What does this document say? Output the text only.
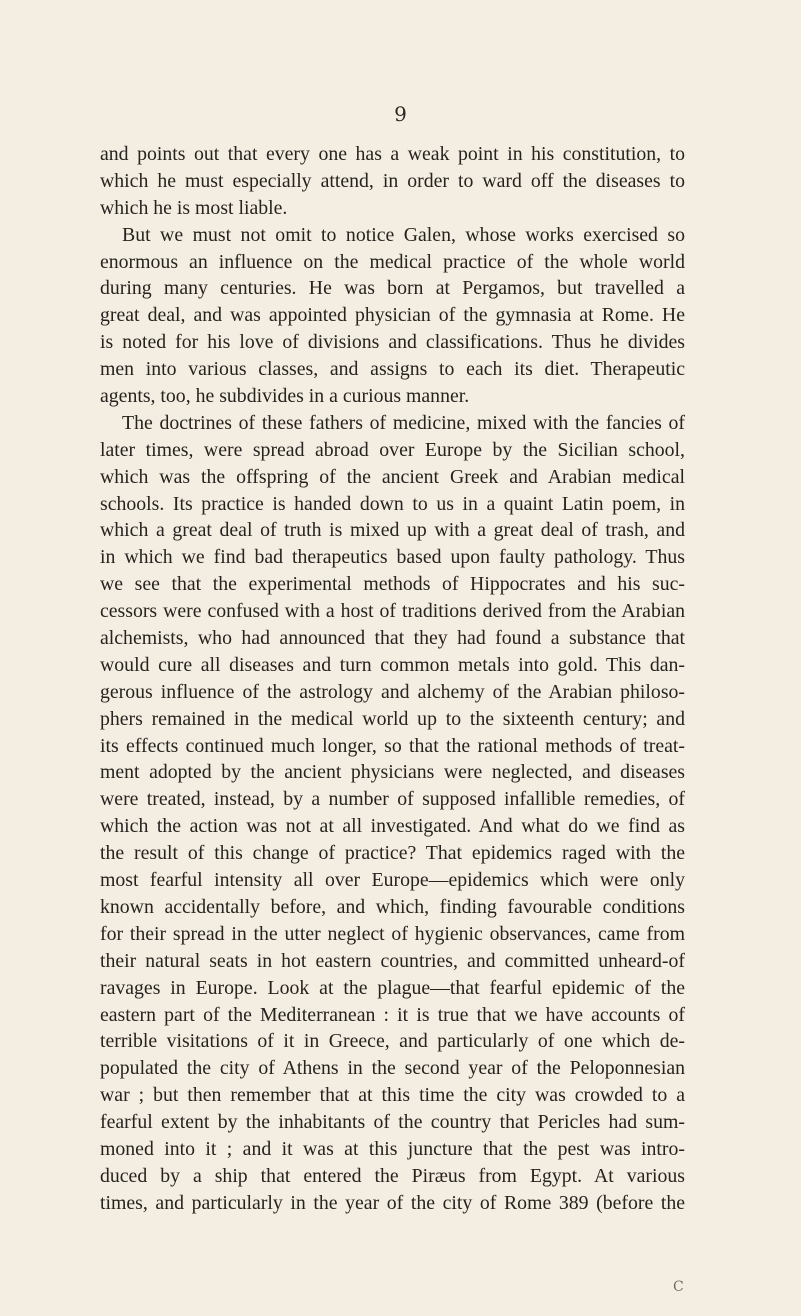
9

and points out that every one has a weak point in his constitution, to
which he must especially attend, in order to ward off the diseases to
which he is most liable.
But we must not omit to notice Galen, whose works exercised so
enormous an influence on the medical practice of the whole world
during many centuries. He was born at Pergamos, but travelled a
great deal, and was appointed physician of the gymnasia at Rome. He
is noted for his love of divisions and classifications. Thus he divides
men into various classes, and assigns to each its diet. Therapeutic
agents, too, he subdivides in a curious manner.
The doctrines of these fathers of medicine, mixed with the fancies of
later times, were spread abroad over Europe by the Sicilian school,
which was the offspring of the ancient Greek and Arabian medical
schools. Its practice is handed down to us in a quaint Latin poem, in
which a great deal of truth is mixed up with a great deal of trash, and
in which we find bad therapeutics based upon faulty pathology. Thus
we see that the experimental methods of Hippocrates and his suc-
cessors were confused with a host of traditions derived from the Arabian
alchemists, who had announced that they had found a substance that
would cure all diseases and turn common metals into gold. This dan-
gerous influence of the astrology and alchemy of the Arabian philoso-
phers remained in the medical world up to the sixteenth century; and
its effects continued much longer, so that the rational methods of treat-
ment adopted by the ancient physicians were neglected, and diseases
were treated, instead, by a number of supposed infallible remedies, of
which the action was not at all investigated. And what do we find as
the result of this change of practice? That epidemics raged with the
most fearful intensity all over Europe—epidemics which were only
known accidentally before, and which, finding favourable conditions
for their spread in the utter neglect of hygienic observances, came from
their natural seats in hot eastern countries, and committed unheard-of
ravages in Europe. Look at the plague—that fearful epidemic of the
eastern part of the Mediterranean : it is true that we have accounts of
terrible visitations of it in Greece, and particularly of one which de-
populated the city of Athens in the second year of the Peloponnesian
war ; but then remember that at this time the city was crowded to a
fearful extent by the inhabitants of the country that Pericles had sum-
moned into it ; and it was at this juncture that the pest was intro-
duced by a ship that entered the Piræus from Egypt. At various
times, and particularly in the year of the city of Rome 389 (before the

C
